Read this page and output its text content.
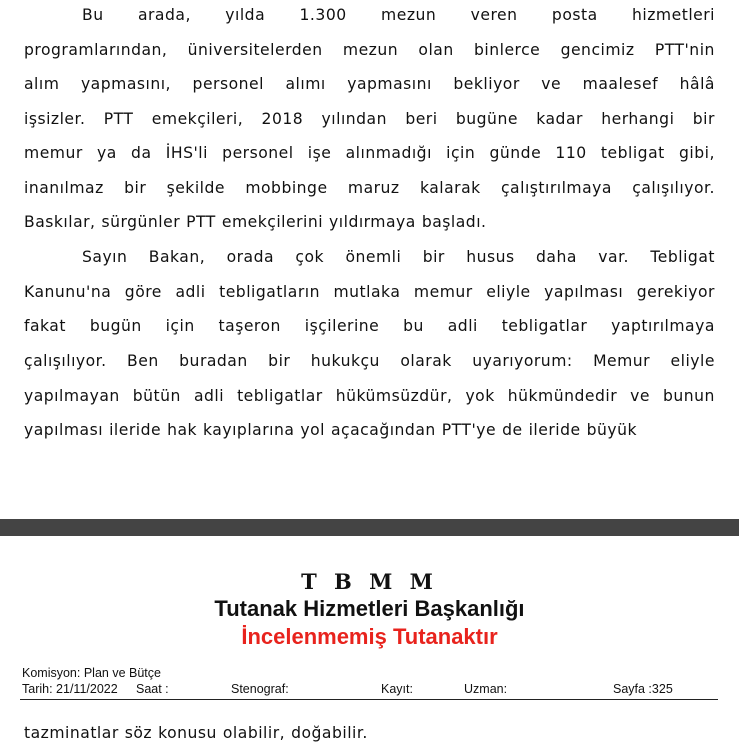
Bu arada, yılda 1.300 mezun veren posta hizmetleri
programlarından, üniversitelerden mezun olan binlerce gencimiz PTT'nin
alım yapmasını, personel alımı yapmasını bekliyor ve maalesef hâlâ
işsizler. PTT emekçileri, 2018 yılından beri bugüne kadar herhangi bir
memur ya da İHS'li personel işe alınmadığı için günde 110 tebligat gibi,
inanılmaz bir şekilde mobbinge maruz kalarak çalıştırılmaya çalışılıyor.
Baskılar, sürgünler PTT emekçilerini yıldırmaya başladı.
Sayın Bakan, orada çok önemli bir husus daha var. Tebligat
Kanunu'na göre adli tebligatların mutlaka memur eliyle yapılması gerekiyor
fakat bugün için taşeron işçilerine bu adli tebligatlar yaptırılmaya
çalışılıyor. Ben buradan bir hukukçu olarak uyarıyorum: Memur eliyle
yapılmayan bütün adli tebligatlar hükümsüzdür, yok hükmündedir ve bunun
yapılması ileride hak kayıplarına yol açacağından PTT'ye de ileride büyük
T B M M
Tutanak Hizmetleri Başkanlığı
İncelenmemiş Tutanaktır
Komisyon: Plan ve Bütçe
Tarih: 21/11/2022 Saat :	Stenograf:	Kayıt:	Uzman:	Sayfa :325
tazminatlar söz konusu olabilir, doğabilir.
